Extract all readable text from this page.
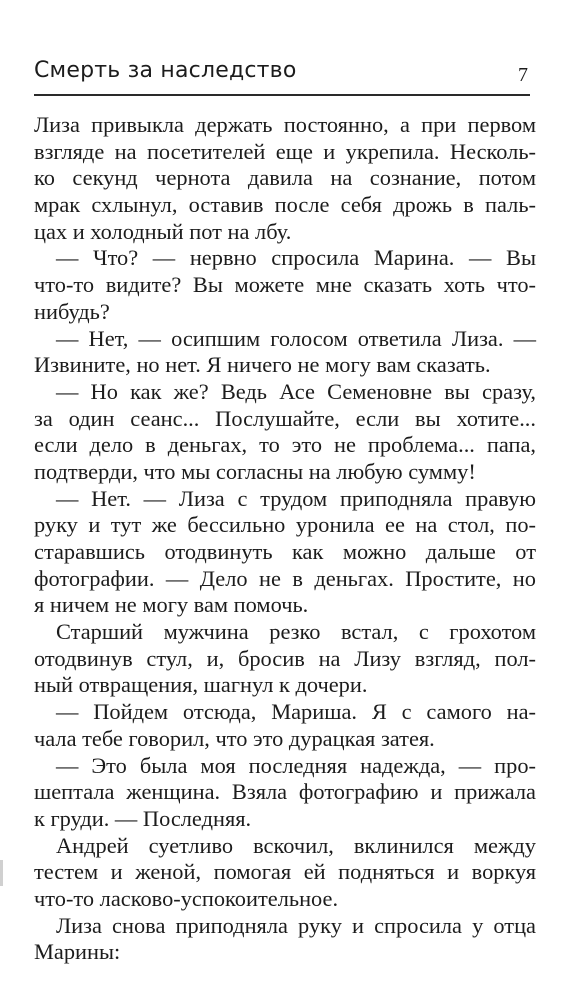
Смерть за наследство	7
Лиза привыкла держать постоянно, а при первом
взгляде на посетителей еще и укрепила. Несколь-
ко секунд чернота давила на сознание, потом
мрак схлынул, оставив после себя дрожь в паль-
цах и холодный пот на лбу.
— Что? — нервно спросила Марина. — Вы
что-то видите? Вы можете мне сказать хоть что-
нибудь?
— Нет, — осипшим голосом ответила Лиза. —
Извините, но нет. Я ничего не могу вам сказать.
— Но как же? Ведь Асе Семеновне вы сразу,
за один сеанс... Послушайте, если вы хотите...
если дело в деньгах, то это не проблема... папа,
подтверди, что мы согласны на любую сумму!
— Нет. — Лиза с трудом приподняла правую
руку и тут же бессильно уронила ее на стол, по-
старавшись отодвинуть как можно дальше от
фотографии. — Дело не в деньгах. Простите, но
я ничем не могу вам помочь.
Старший мужчина резко встал, с грохотом
отодвинув стул, и, бросив на Лизу взгляд, пол-
ный отвращения, шагнул к дочери.
— Пойдем отсюда, Мариша. Я с самого на-
чала тебе говорил, что это дурацкая затея.
— Это была моя последняя надежда, — про-
шептала женщина. Взяла фотографию и прижала
к груди. — Последняя.
Андрей суетливо вскочил, вклинился между
тестем и женой, помогая ей подняться и воркуя
что-то ласково-успокоительное.
Лиза снова приподняла руку и спросила у отца
Марины:
